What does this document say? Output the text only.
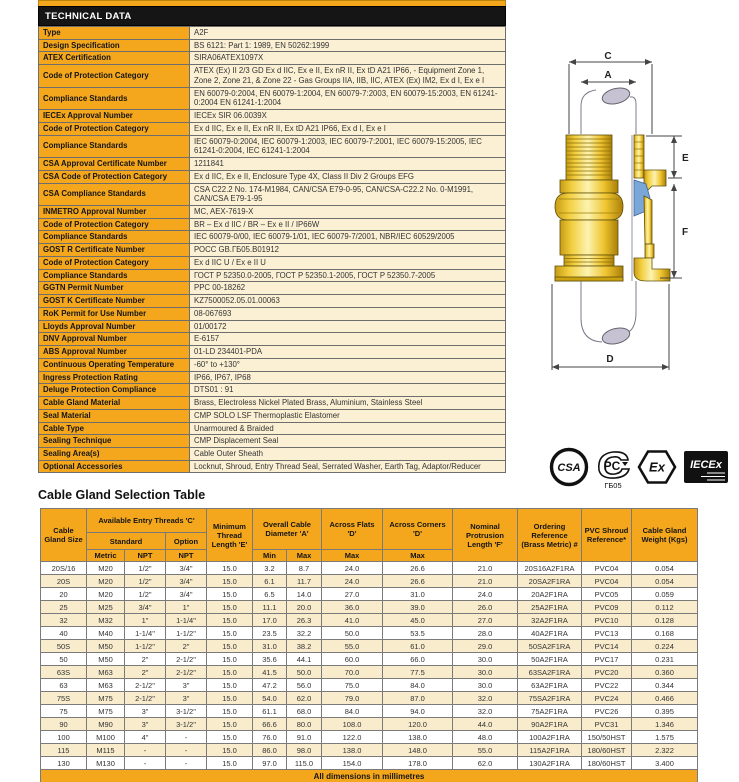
TECHNICAL DATA
Type	A2F
Design Specification	BS 6121: Part 1: 1989, EN 50262:1999
ATEX Certification	SIRA06ATEX1097X
Code of Protection Category	ATEX (Ex) II 2/3 GD Ex d IIC, Ex e II, Ex nR II, Ex tD A21 IP66, - Equipment Zone 1, Zone 2, Zone 21, & Zone 22 - Gas Groups IIA, IIB, IIC, ATEX (Ex) IM2, Ex d I, Ex e I
Compliance Standards	EN 60079-0:2004, EN 60079-1:2004, EN 60079-7:2003, EN 60079-15:2003, EN 61241-0:2004 EN 61241-1:2004
IECEx Approval Number	IECEx SIR 06.0039X
Code of Protection Category	Ex d IIC, Ex e II, Ex nR II, Ex tD A21 IP66, Ex d I, Ex e I
Compliance Standards	IEC 60079-0:2004, IEC 60079-1:2003, IEC 60079-7:2001, IEC 60079-15:2005, IEC 61241-0:2004, IEC 61241-1:2004
CSA Approval Certificate Number	1211841
CSA Code of Protection Category	Ex d IIC, Ex e II, Enclosure Type 4X, Class II Div 2 Groups EFG
CSA Compliance Standards	CSA C22.2 No. 174-M1984, CAN/CSA E79-0-95, CAN/CSA-C22.2 No. 0-M1991, CAN/CSA E79-1-95
INMETRO Approval Number	MC, AEX-7619-X
Code of Protection Category	BR – Ex d IIC / BR – Ex e II / IP66W
Compliance Standards	IEC 60079-0/00, IEC 60079-1/01, IEC 60079-7/2001, NBR/IEC 60529/2005
GOST R Certificate Number	РОСС GB.ГБ05.B01912
Code of Protection Category	Ex d IIC U / Ex e II U
Compliance Standards	ГОСТ P 52350.0-2005, ГОСТ P 52350.1-2005, ГОСТ P 52350.7-2005
GGTN Permit Number	PPC 00-18262
GOST K Certificate Number	KZ7500052.05.01.00063
RoK Permit for Use Number	08-067693
Lloyds Approval Number	01/00172
DNV Approval Number	E-6157
ABS Approval Number	01-LD 234401-PDA
Continuous Operating Temperature	-60° to +130°
Ingress Protection Rating	IP66, IP67, IP68
Deluge Protection Compliance	DTS01 : 91
Cable Gland Material	Brass, Electroless Nickel Plated Brass, Aluminium, Stainless Steel
Seal Material	CMP SOLO LSF Thermoplastic Elastomer
Cable Type	Unarmoured & Braided
Sealing Technique	CMP Displacement Seal
Sealing Area(s)	Cable Outer Sheath
Optional Accessories	Locknut, Shroud, Entry Thread Seal, Serrated Washer, Earth Tag, Adaptor/Reducer
C
A
E
F
D
CSA PC
ГБ05
Ex IECEx
Cable Gland Selection Table
Cable Gland Size	Available Entry Threads 'C'			Minimum Thread Length 'E'	Overall Cable Diameter 'A'		Across Flats 'D'	Across Corners 'D'	Nominal Protrusion Length 'F'	Ordering Reference (Brass Metric) #	PVC Shroud Reference*	Cable Gland Weight (Kgs)
	Standard		Option									
	Metric	NPT	NPT		Min	Max	Max	Max				
20S/16	M20	1/2"	3/4"	15.0	3.2	8.7	24.0	26.6	21.0	20S16A2F1RA	PVC04	0.054
20S	M20	1/2"	3/4"	15.0	6.1	11.7	24.0	26.6	21.0	20SA2F1RA	PVC04	0.054
20	M20	1/2"	3/4"	15.0	6.5	14.0	27.0	31.0	24.0	20A2F1RA	PVC05	0.059
25	M25	3/4"	1"	15.0	11.1	20.0	36.0	39.0	26.0	25A2F1RA	PVC09	0.112
32	M32	1"	1-1/4"	15.0	17.0	26.3	41.0	45.0	27.0	32A2F1RA	PVC10	0.128
40	M40	1-1/4"	1-1/2"	15.0	23.5	32.2	50.0	53.5	28.0	40A2F1RA	PVC13	0.168
50S	M50	1-1/2"	2"	15.0	31.0	38.2	55.0	61.0	29.0	50SA2F1RA	PVC14	0.224
50	M50	2"	2-1/2"	15.0	35.6	44.1	60.0	66.0	30.0	50A2F1RA	PVC17	0.231
63S	M63	2"	2-1/2"	15.0	41.5	50.0	70.0	77.5	30.0	63SA2F1RA	PVC20	0.360
63	M63	2-1/2"	3"	15.0	47.2	56.0	75.0	84.0	30.0	63A2F1RA	PVC22	0.344
75S	M75	2-1/2"	3"	15.0	54.0	62.0	79.0	87.0	32.0	75SA2F1RA	PVC24	0.466
75	M75	3"	3-1/2"	15.0	61.1	68.0	84.0	94.0	32.0	75A2F1RA	PVC26	0.395
90	M90	3"	3-1/2"	15.0	66.6	80.0	108.0	120.0	44.0	90A2F1RA	PVC31	1.346
100	M100	4"	-	15.0	76.0	91.0	122.0	138.0	48.0	100A2F1RA	150/50HST	1.575
115	M115	-	-	15.0	86.0	98.0	138.0	148.0	55.0	115A2F1RA	180/60HST	2.322
130	M130	-	-	15.0	97.0	115.0	154.0	178.0	62.0	130A2F1RA	180/60HST	3.400
All dimensions in millimetres												
